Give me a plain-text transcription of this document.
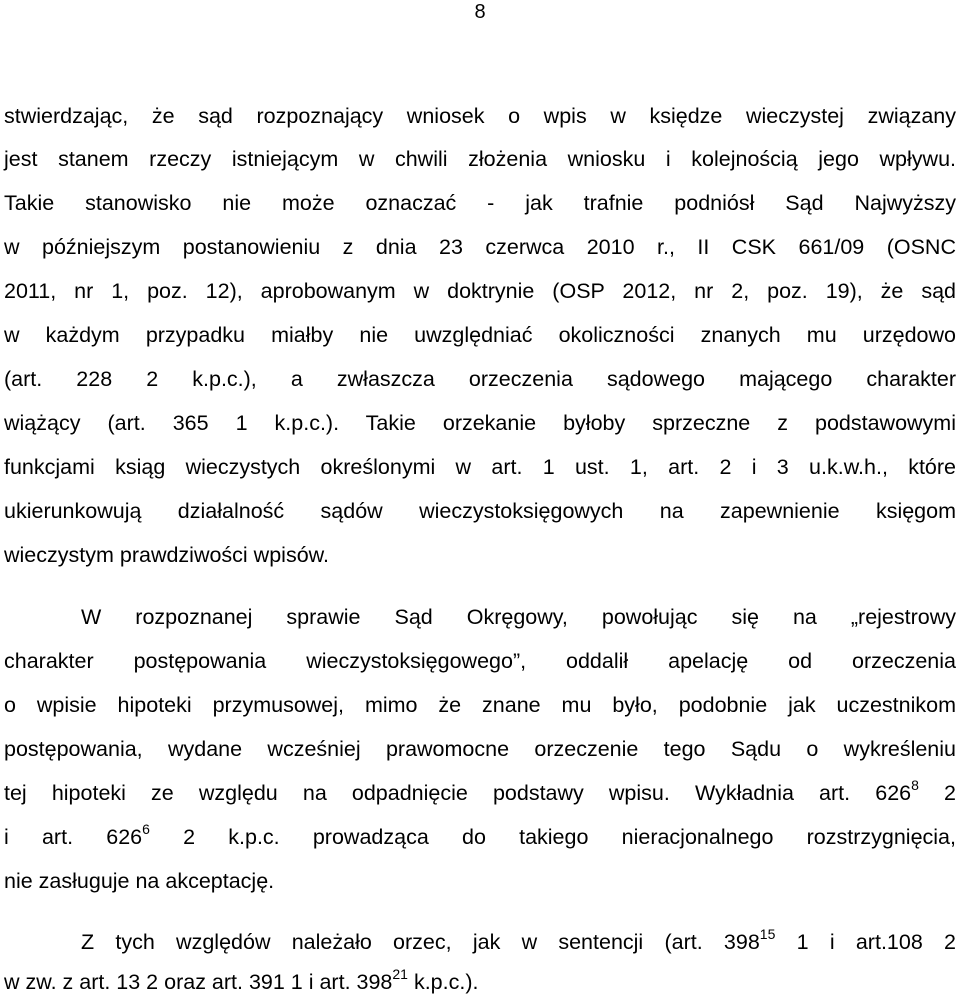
8
stwierdzając, że sąd rozpoznający wniosek o wpis w księdze wieczystej związany
jest stanem rzeczy istniejącym w chwili złożenia wniosku i kolejnością jego wpływu.
Takie stanowisko nie może oznaczać - jak trafnie podniósł Sąd Najwyższy
w późniejszym postanowieniu z dnia 23 czerwca 2010 r., II CSK 661/09 (OSNC
2011, nr 1, poz. 12), aprobowanym w doktrynie (OSP 2012, nr 2, poz. 19), że sąd
w każdym przypadku miałby nie uwzględniać okoliczności znanych mu urzędowo
(art. 228 2 k.p.c.), a zwłaszcza orzeczenia sądowego mającego charakter
wiążący (art. 365 1 k.p.c.). Takie orzekanie byłoby sprzeczne z podstawowymi
funkcjami ksiąg wieczystych określonymi w art. 1 ust. 1, art. 2 i 3 u.k.w.h., które
ukierunkowują działalność sądów wieczystoksięgowych na zapewnienie księgom
wieczystym prawdziwości wpisów.
W rozpoznanej sprawie Sąd Okręgowy, powołując się na „rejestrowy
charakter postępowania wieczystoksięgowego”, oddalił apelację od orzeczenia
o wpisie hipoteki przymusowej, mimo że znane mu było, podobnie jak uczestnikom
postępowania, wydane wcześniej prawomocne orzeczenie tego Sądu o wykreśleniu
tej hipoteki ze względu na odpadnięcie podstawy wpisu. Wykładnia art. $626^8$ 2
i art. $626^6$ 2 k.p.c. prowadząca do takiego nieracjonalnego rozstrzygnięcia,
nie zasługuje na akceptację.
Z tych względów należało orzec, jak w sentencji (art. $398^{15}$ 1 i art.108 2
w zw. z art. 13 2 oraz art. 391 1 i art. $398^{21}$ k.p.c.).
